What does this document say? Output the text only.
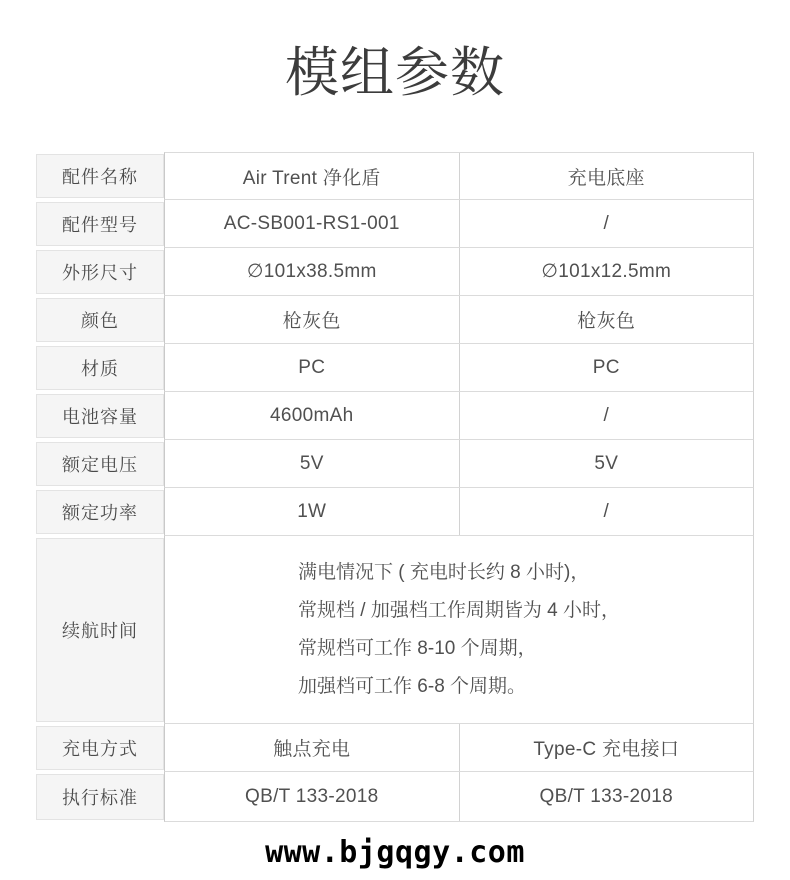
模组参数
配件名称	Air Trent 净化盾	充电底座
配件型号	AC-SB001-RS1-001	/
外形尺寸	∅101x38.5mm	∅101x12.5mm
颜色	枪灰色	枪灰色
材质	PC	PC
电池容量	4600mAh	/
额定电压	5V	5V
额定功率	1W	/
续航时间
满电情况下 ( 充电时长约 8 小时)，
常规档 / 加强档工作周期皆为 4 小时，
常规档可工作 8-10 个周期，
加强档可工作 6-8 个周期。
充电方式	触点充电	Type-C 充电接口
执行标准	QB/T 133-2018	QB/T 133-2018
www.bjgqgy.com
